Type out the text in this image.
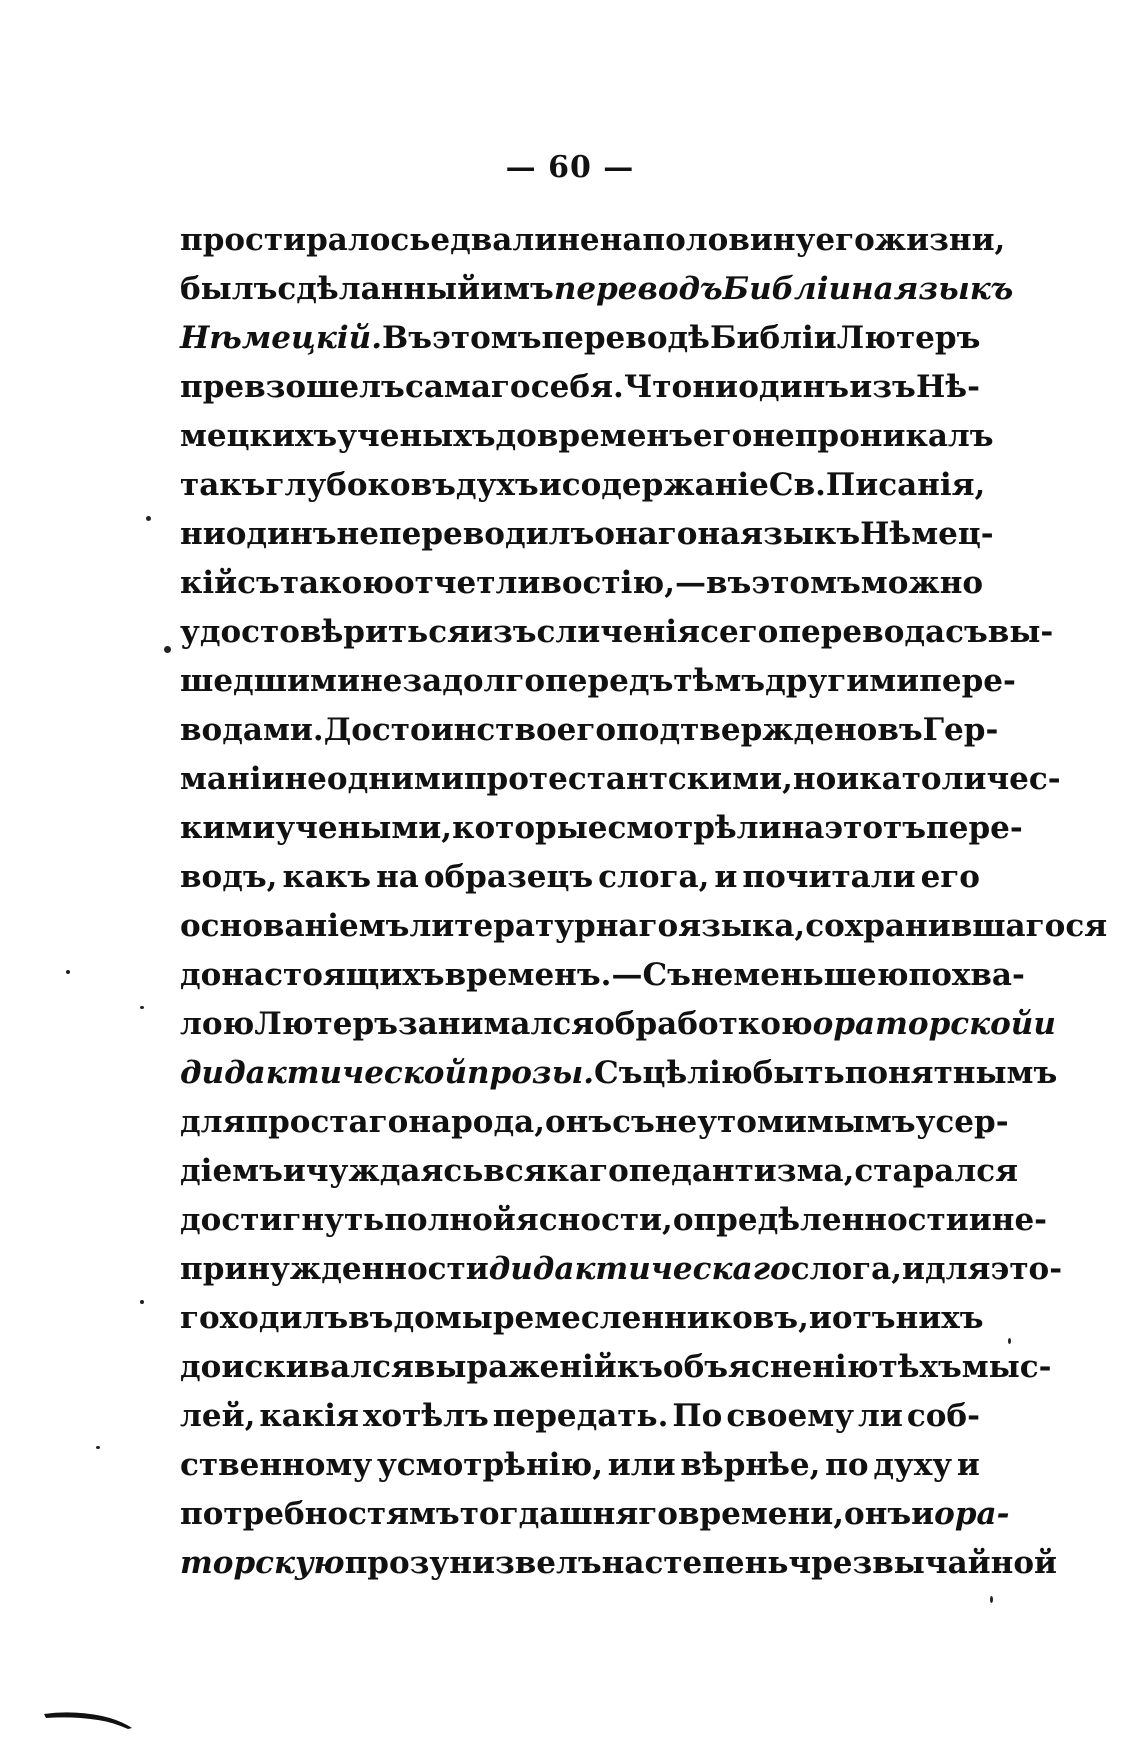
— 60 —
простиралось едва ли не на половину его жизни,
былъ сдѣланный имъ переводъ Библіи на языкъ
Нѣмецкій. Въ этомъ переводѣ Библіи Лютеръ
превзошелъ самаго себя. Что ни одинъ изъ Нѣ-
мецкихъ ученыхъ до временъ его не проникалъ
такъ глубоко въ духъ и содержаніе Св. Писанія,
ни одинъ не переводилъ онаго на языкъ Нѣмец-
кій съ такою отчетливостію, — въ этомъ можно
удостовѣриться изъ сличенія сего перевода съ вы-
шедшими незадолго передъ тѣмъ другими пере-
водами. Достоинство его подтверждено въ Гер-
маніи не одними протестантскими, но и католичес-
кими учеными, которые смотрѣли на этотъ пере-
водъ, какъ на образецъ слога, и почитали его
основаніемъ литературнаго языка, сохранившагося
до настоящихъ временъ.—Съ неменьшею похва-
лою Лютеръ занимался обработкою ораторской и
дидактической прозы. Съ цѣлію быть понятнымъ
для простаго народа, онъ съ неутомимымъ усер-
діемъ и чуждаясь всякаго педантизма, старался
достигнуть полной ясности, опредѣленности и не-
принужденности дидактическаго слога, и для это-
го ходилъ въ домы ремесленниковъ, и отъ нихъ
доискивался выраженій къ объясненію тѣхъ мыс-
лей, какія хотѣлъ передать. По своему ли соб-
ственному усмотрѣнію, или вѣрнѣе, по духу и
потребностямъ тогдашняго времени, онъ и ора-
торскую прозу низвелъ на степень чрезвычайной
